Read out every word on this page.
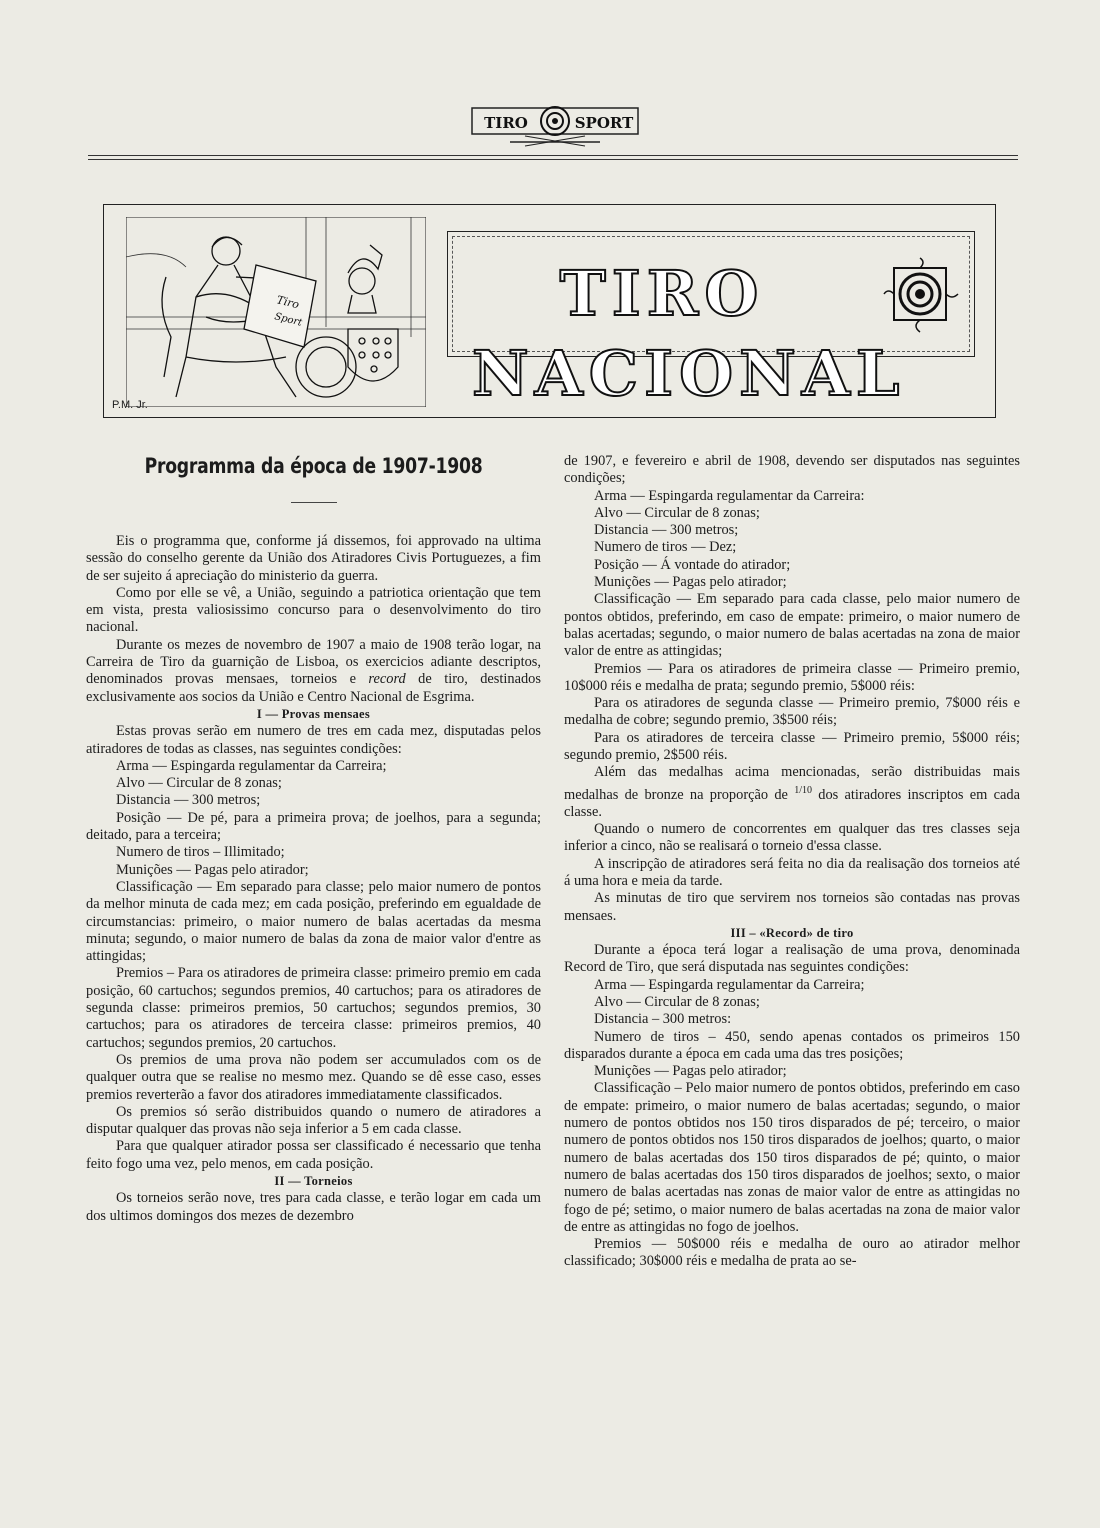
TIRO	SPORT
Tiro
Sport
P.M. Jr.
TIRO NACIONAL
Programma da época de 1907-1908

Eis o programma que, conforme já dissemos, foi approvado na ultima sessão do conselho gerente da União dos Atiradores Civis Portuguezes, a fim de ser sujeito á apreciação do ministerio da guerra.

Como por elle se vê, a União, seguindo a patriotica orientação que tem em vista, presta valiosissimo concurso para o desenvolvimento do tiro nacional.

Durante os mezes de novembro de 1907 a maio de 1908 terão logar, na Carreira de Tiro da guarnição de Lisboa, os exercicios adiante descriptos, denominados provas mensaes, torneios e record de tiro, destinados exclusivamente aos socios da União e Centro Nacional de Esgrima.

I — Provas mensaes

Estas provas serão em numero de tres em cada mez, disputadas pelos atiradores de todas as classes, nas seguintes condições:

Arma — Espingarda regulamentar da Carreira;

Alvo — Circular de 8 zonas;

Distancia — 300 metros;

Posição — De pé, para a primeira prova; de joelhos, para a segunda; deitado, para a terceira;

Numero de tiros – Illimitado;

Munições — Pagas pelo atirador;

Classificação — Em separado para classe; pelo maior numero de pontos da melhor minuta de cada mez; em cada posição, preferindo em egualdade de circumstancias: primeiro, o maior numero de balas acertadas da mesma minuta; segundo, o maior numero de balas da zona de maior valor d'entre as attingidas;

Premios – Para os atiradores de primeira classe: primeiro premio em cada posição, 60 cartuchos; segundos premios, 40 cartuchos; para os atiradores de segunda classe: primeiros premios, 50 cartuchos; segundos premios, 30 cartuchos; para os atiradores de terceira classe: primeiros premios, 40 cartuchos; segundos premios, 20 cartuchos.

Os premios de uma prova não podem ser accumulados com os de qualquer outra que se realise no mesmo mez. Quando se dê esse caso, esses premios reverterão a favor dos atiradores immediatamente classificados.

Os premios só serão distribuidos quando o numero de atiradores a disputar qualquer das provas não seja inferior a 5 em cada classe.

Para que qualquer atirador possa ser classificado é necessario que tenha feito fogo uma vez, pelo menos, em cada posição.

II — Torneios

Os torneios serão nove, tres para cada classe, e terão logar em cada um dos ultimos domingos dos mezes de dezembro

de 1907, e fevereiro e abril de 1908, devendo ser disputados nas seguintes condições;

Arma — Espingarda regulamentar da Carreira:

Alvo — Circular de 8 zonas;

Distancia — 300 metros;

Numero de tiros — Dez;

Posição — Á vontade do atirador;

Munições — Pagas pelo atirador;

Classificação — Em separado para cada classe, pelo maior numero de pontos obtidos, preferindo, em caso de empate: primeiro, o maior numero de balas acertadas; segundo, o maior numero de balas acertadas na zona de maior valor de entre as attingidas;

Premios — Para os atiradores de primeira classe — Primeiro premio, 10$000 réis e medalha de prata; segundo premio, 5$000 réis:

Para os atiradores de segunda classe — Primeiro premio, 7$000 réis e medalha de cobre; segundo premio, 3$500 réis;

Para os atiradores de terceira classe — Primeiro premio, 5$000 réis; segundo premio, 2$500 réis.

Além das medalhas acima mencionadas, serão distribuidas mais medalhas de bronze na proporção de $^{1/10}$ dos atiradores inscriptos em cada classe.

Quando o numero de concorrentes em qualquer das tres classes seja inferior a cinco, não se realisará o torneio d'essa classe.

A inscripção de atiradores será feita no dia da realisação dos torneios até á uma hora e meia da tarde.

As minutas de tiro que servirem nos torneios são contadas nas provas mensaes.

III – «Record» de tiro

Durante a época terá logar a realisação de uma prova, denominada Record de Tiro, que será disputada nas seguintes condições:

Arma — Espingarda regulamentar da Carreira;

Alvo — Circular de 8 zonas;

Distancia – 300 metros:

Numero de tiros – 450, sendo apenas contados os primeiros 150 disparados durante a época em cada uma das tres posições;

Munições — Pagas pelo atirador;

Classificação – Pelo maior numero de pontos obtidos, preferindo em caso de empate: primeiro, o maior numero de balas acertadas; segundo, o maior numero de pontos obtidos nos 150 tiros disparados de pé; terceiro, o maior numero de pontos obtidos nos 150 tiros disparados de joelhos; quarto, o maior numero de balas acertadas dos 150 tiros disparados de pé; quinto, o maior numero de balas acertadas dos 150 tiros disparados de joelhos; sexto, o maior numero de balas acertadas nas zonas de maior valor de entre as attingidas no fogo de pé; setimo, o maior numero de balas acertadas na zona de maior valor de entre as attingidas no fogo de joelhos.

Premios — 50$000 réis e medalha de ouro ao atirador melhor classificado; 30$000 réis e medalha de prata ao se-
